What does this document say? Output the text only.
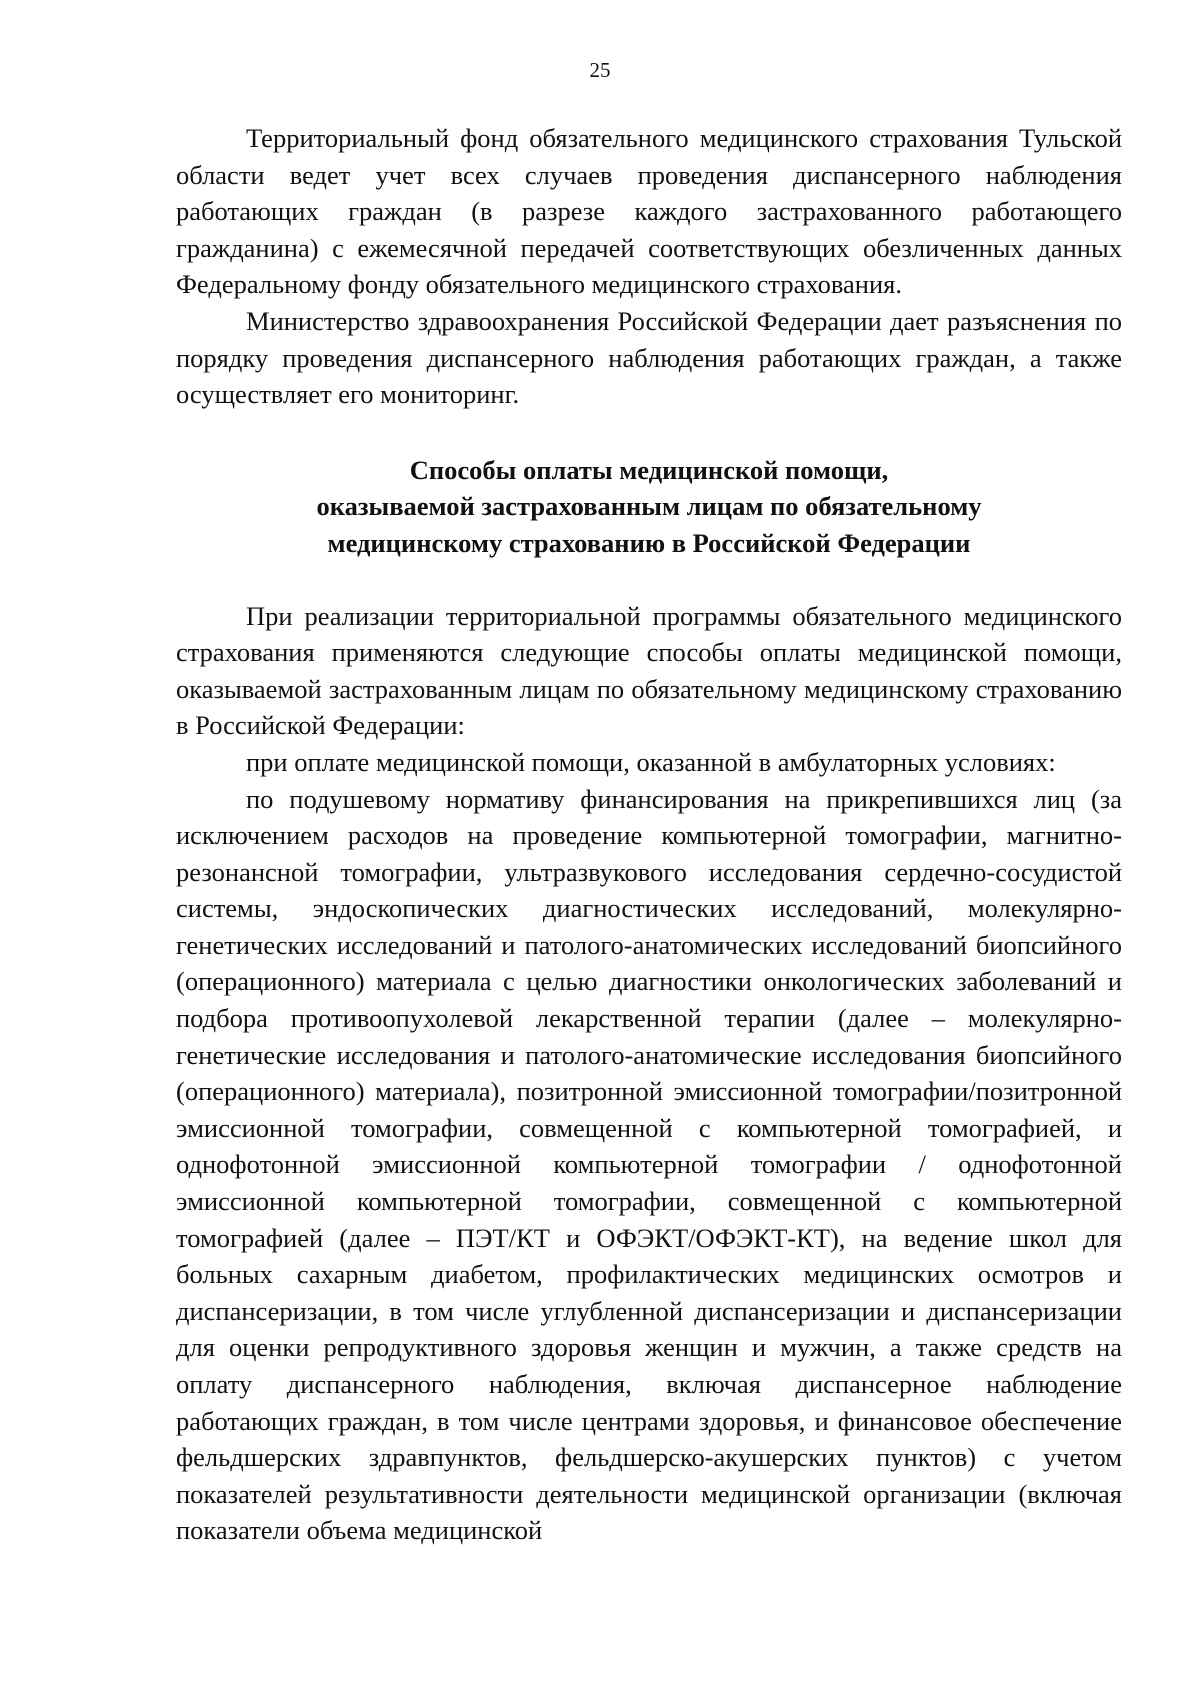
25

Территориальный фонд обязательного медицинского страхования Тульской области ведет учет всех случаев проведения диспансерного наблюдения работающих граждан (в разрезе каждого застрахованного работающего гражданина) с ежемесячной передачей соответствующих обезличенных данных Федеральному фонду обязательного медицинского страхования.

Министерство здравоохранения Российской Федерации дает разъяснения по порядку проведения диспансерного наблюдения работающих граждан, а также осуществляет его мониторинг.

Способы оплаты медицинской помощи,
оказываемой застрахованным лицам по обязательному
медицинскому страхованию в Российской Федерации

При реализации территориальной программы обязательного медицинского страхования применяются следующие способы оплаты медицинской помощи, оказываемой застрахованным лицам по обязательному медицинскому страхованию в Российской Федерации:

при оплате медицинской помощи, оказанной в амбулаторных условиях:

по подушевому нормативу финансирования на прикрепившихся лиц (за исключением расходов на проведение компьютерной томографии, магнитно-резонансной томографии, ультразвукового исследования сердечно-сосудистой системы, эндоскопических диагностических исследований, молекулярно-генетических исследований и патолого-анатомических исследований биопсийного (операционного) материала с целью диагностики онкологических заболеваний и подбора противоопухолевой лекарственной терапии (далее – молекулярно-генетические исследования и патолого-анатомические исследования биопсийного (операционного) материала), позитронной эмиссионной томографии/позитронной эмиссионной томографии, совмещенной с компьютерной томографией, и однофотонной эмиссионной компьютерной томографии / однофотонной эмиссионной компьютерной томографии, совмещенной с компьютерной томографией (далее – ПЭТ/КТ и ОФЭКТ/ОФЭКТ-КТ), на ведение школ для больных сахарным диабетом, профилактических медицинских осмотров и диспансеризации, в том числе углубленной диспансеризации и диспансеризации для оценки репродуктивного здоровья женщин и мужчин, а также средств на оплату диспансерного наблюдения, включая диспансерное наблюдение работающих граждан, в том числе центрами здоровья, и финансовое обеспечение фельдшерских здравпунктов, фельдшерско-акушерских пунктов) с учетом показателей результативности деятельности медицинской организации (включая показатели объема медицинской
